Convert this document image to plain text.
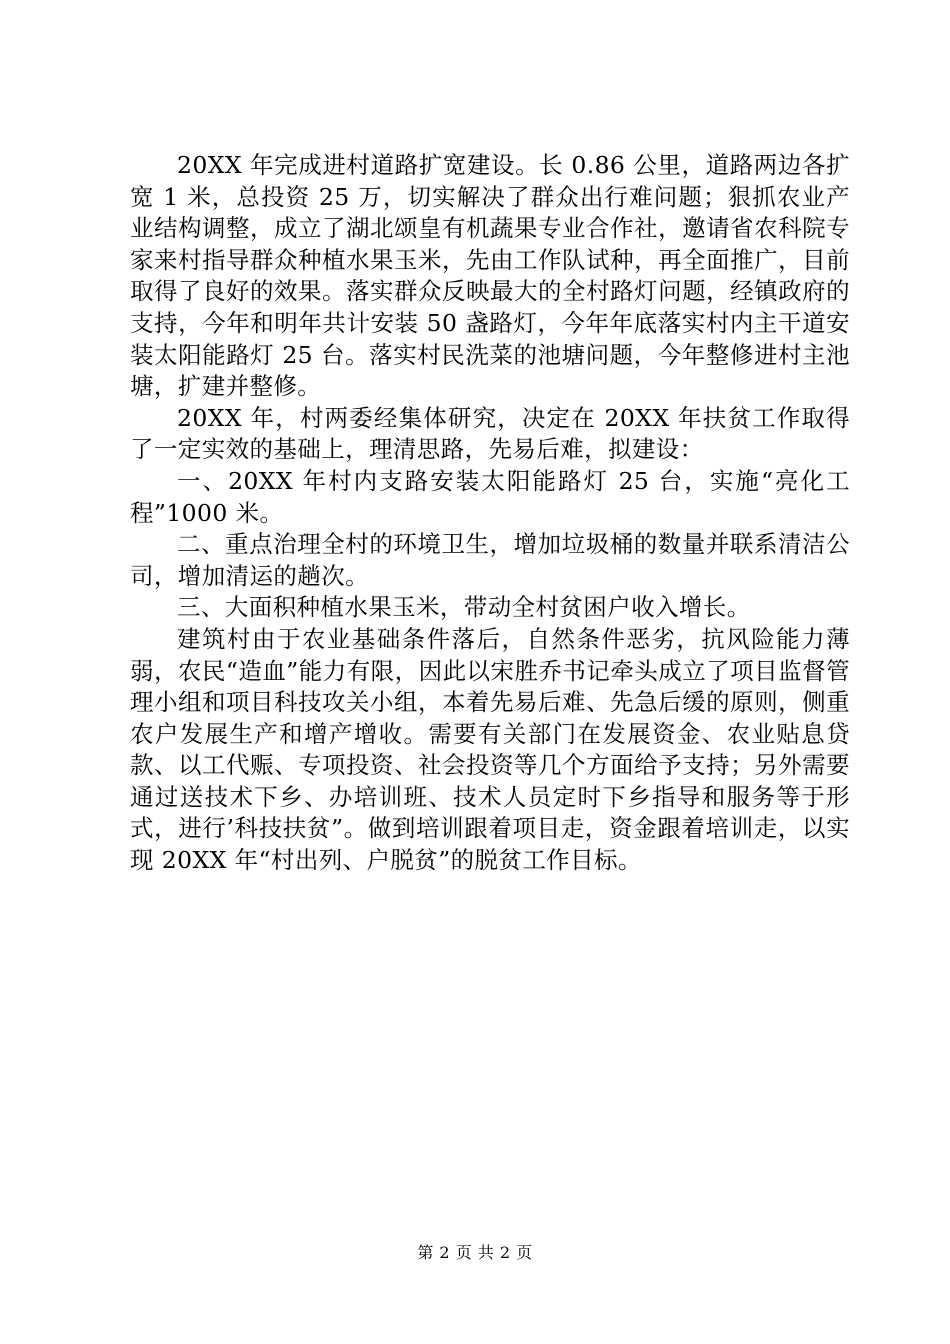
20XX 年完成进村道路扩宽建设。长 0.86 公里，道路两边各扩宽 1 米，总投资 25 万，切实解决了群众出行难问题；狠抓农业产业结构调整，成立了湖北颂皇有机蔬果专业合作社，邀请省农科院专家来村指导群众种植水果玉米，先由工作队试种，再全面推广，目前取得了良好的效果。落实群众反映最大的全村路灯问题，经镇政府的支持，今年和明年共计安装 50 盏路灯，今年年底落实村内主干道安装太阳能路灯 25 台。落实村民洗菜的池塘问题，今年整修进村主池塘，扩建并整修。

20XX 年，村两委经集体研究，决定在 20XX 年扶贫工作取得了一定实效的基础上，理清思路，先易后难，拟建设：

一、20XX 年村内支路安装太阳能路灯 25 台，实施“亮化工程”1000 米。

二、重点治理全村的环境卫生，增加垃圾桶的数量并联系清洁公司，增加清运的趟次。

三、大面积种植水果玉米，带动全村贫困户收入增长。

建筑村由于农业基础条件落后，自然条件恶劣，抗风险能力薄弱，农民“造血”能力有限，因此以宋胜乔书记牵头成立了项目监督管理小组和项目科技攻关小组，本着先易后难、先急后缓的原则，侧重农户发展生产和增产增收。需要有关部门在发展资金、农业贴息贷款、以工代赈、专项投资、社会投资等几个方面给予支持；另外需要通过送技术下乡、办培训班、技术人员定时下乡指导和服务等于形式，进行’科技扶贫”。做到培训跟着项目走，资金跟着培训走，以实现 20XX 年“村出列、户脱贫”的脱贫工作目标。

第 2 页 共 2 页
